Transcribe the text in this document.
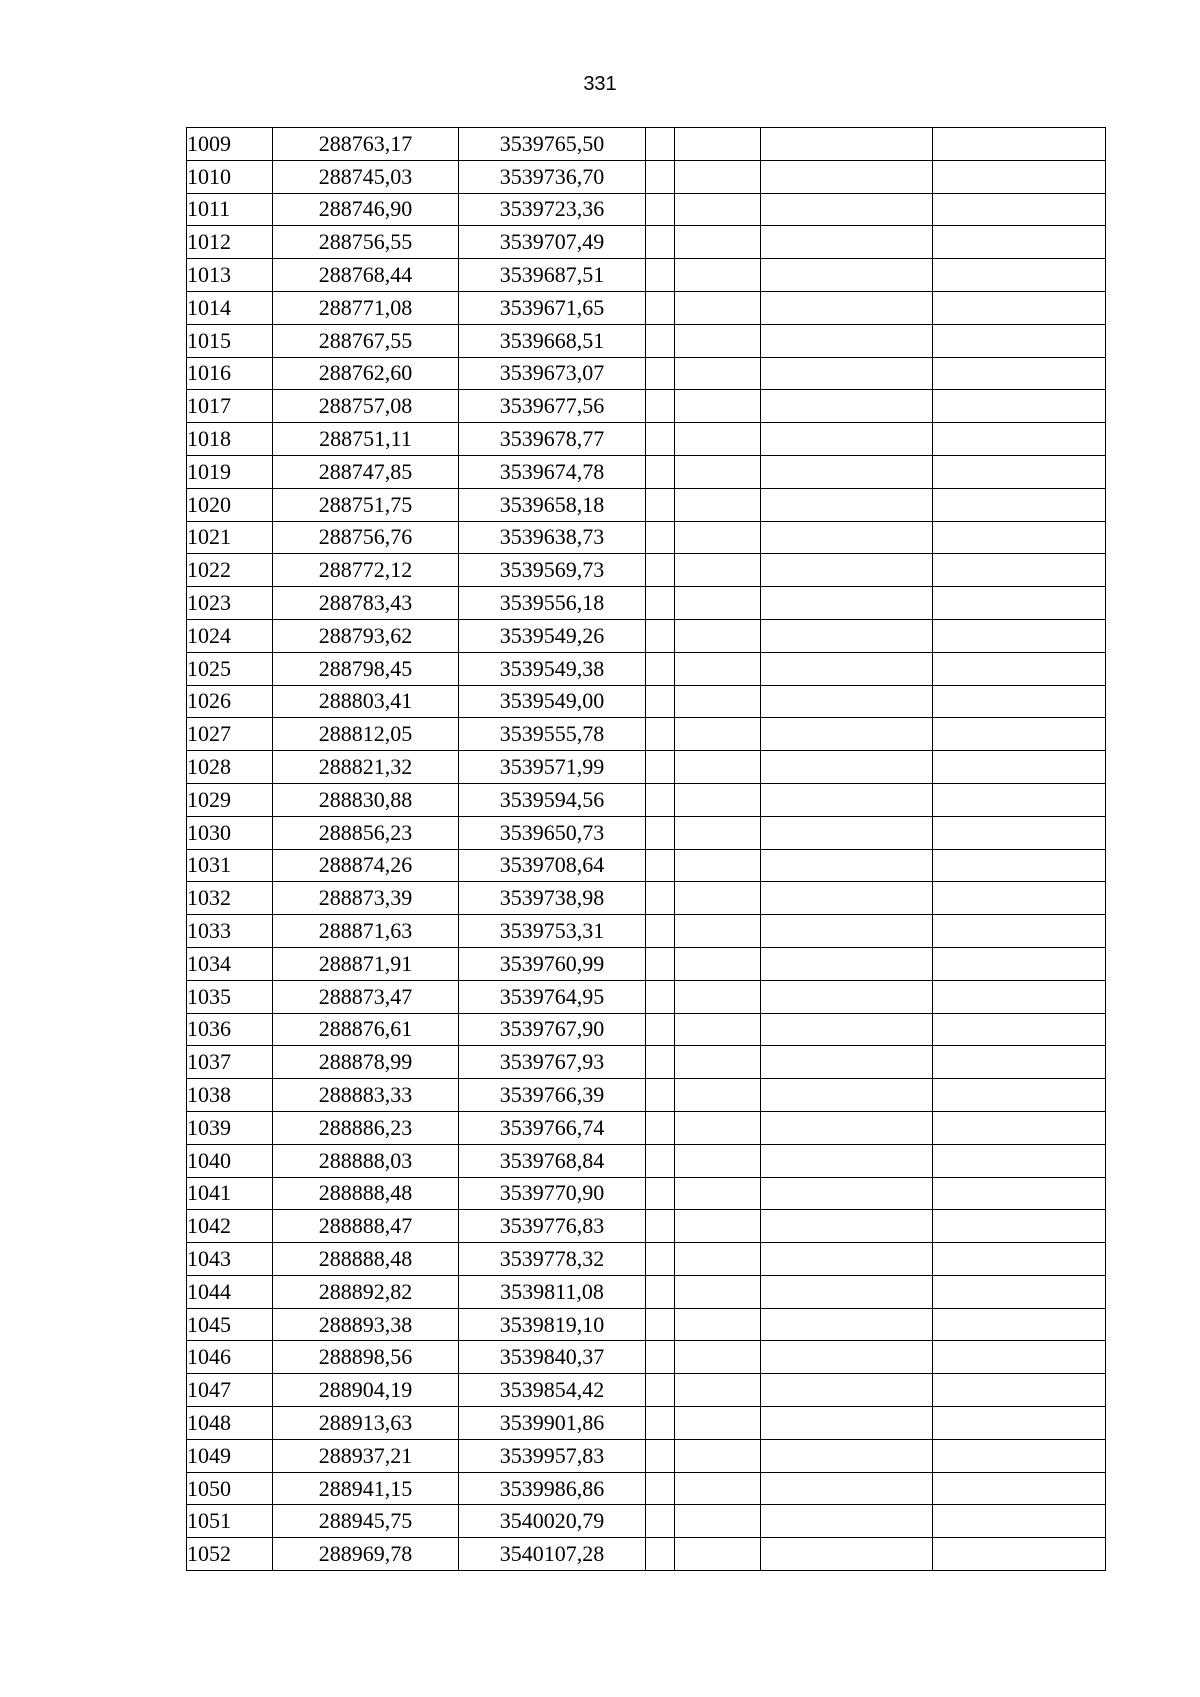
331
1009	288763,17	3539765,50				
1010	288745,03	3539736,70				
1011	288746,90	3539723,36				
1012	288756,55	3539707,49				
1013	288768,44	3539687,51				
1014	288771,08	3539671,65				
1015	288767,55	3539668,51				
1016	288762,60	3539673,07				
1017	288757,08	3539677,56				
1018	288751,11	3539678,77				
1019	288747,85	3539674,78				
1020	288751,75	3539658,18				
1021	288756,76	3539638,73				
1022	288772,12	3539569,73				
1023	288783,43	3539556,18				
1024	288793,62	3539549,26				
1025	288798,45	3539549,38				
1026	288803,41	3539549,00				
1027	288812,05	3539555,78				
1028	288821,32	3539571,99				
1029	288830,88	3539594,56				
1030	288856,23	3539650,73				
1031	288874,26	3539708,64				
1032	288873,39	3539738,98				
1033	288871,63	3539753,31				
1034	288871,91	3539760,99				
1035	288873,47	3539764,95				
1036	288876,61	3539767,90				
1037	288878,99	3539767,93				
1038	288883,33	3539766,39				
1039	288886,23	3539766,74				
1040	288888,03	3539768,84				
1041	288888,48	3539770,90				
1042	288888,47	3539776,83				
1043	288888,48	3539778,32				
1044	288892,82	3539811,08				
1045	288893,38	3539819,10				
1046	288898,56	3539840,37				
1047	288904,19	3539854,42				
1048	288913,63	3539901,86				
1049	288937,21	3539957,83				
1050	288941,15	3539986,86				
1051	288945,75	3540020,79				
1052	288969,78	3540107,28				
